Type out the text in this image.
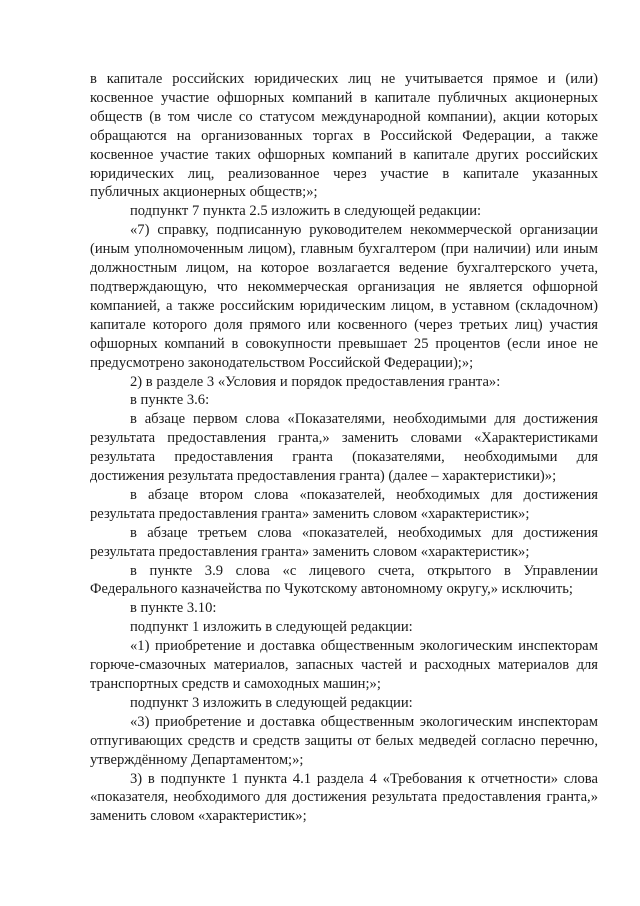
в капитале российских юридических лиц не учитывается прямое и (или) косвенное участие офшорных компаний в капитале публичных акционерных обществ (в том числе со статусом международной компании), акции которых обращаются на организованных торгах в Российской Федерации, а также косвенное участие таких офшорных компаний в капитале других российских юридических лиц, реализованное через участие в капитале указанных публичных акционерных обществ;»;

подпункт 7 пункта 2.5 изложить в следующей редакции:

«7) справку, подписанную руководителем некоммерческой организации (иным уполномоченным лицом), главным бухгалтером (при наличии) или иным должностным лицом, на которое возлагается ведение бухгалтерского учета, подтверждающую, что некоммерческая организация не является офшорной компанией, а также российским юридическим лицом, в уставном (складочном) капитале которого доля прямого или косвенного (через третьих лиц) участия офшорных компаний в совокупности превышает 25 процентов (если иное не предусмотрено законодательством Российской Федерации);»;

2) в разделе 3 «Условия и порядок предоставления гранта»:

в пункте 3.6:

в абзаце первом слова «Показателями, необходимыми для достижения результата предоставления гранта,» заменить словами «Характеристиками результата предоставления гранта (показателями, необходимыми для достижения результата предоставления гранта) (далее – характеристики)»;

в абзаце втором слова «показателей, необходимых для достижения результата предоставления гранта» заменить словом «характеристик»;

в абзаце третьем слова «показателей, необходимых для достижения результата предоставления гранта» заменить словом «характеристик»;

в пункте 3.9 слова «с лицевого счета, открытого в Управлении Федерального казначейства по Чукотскому автономному округу,» исключить;

в пункте 3.10:

подпункт 1 изложить в следующей редакции:

«1) приобретение и доставка общественным экологическим инспекторам горюче-смазочных материалов, запасных частей и расходных материалов для транспортных средств и самоходных машин;»;

подпункт 3 изложить в следующей редакции:

«3) приобретение и доставка общественным экологическим инспекторам отпугивающих средств и средств защиты от белых медведей согласно перечню, утверждённому Департаментом;»;

3) в подпункте 1 пункта 4.1 раздела 4 «Требования к отчетности» слова «показателя, необходимого для достижения результата предоставления гранта,» заменить словом «характеристик»;
